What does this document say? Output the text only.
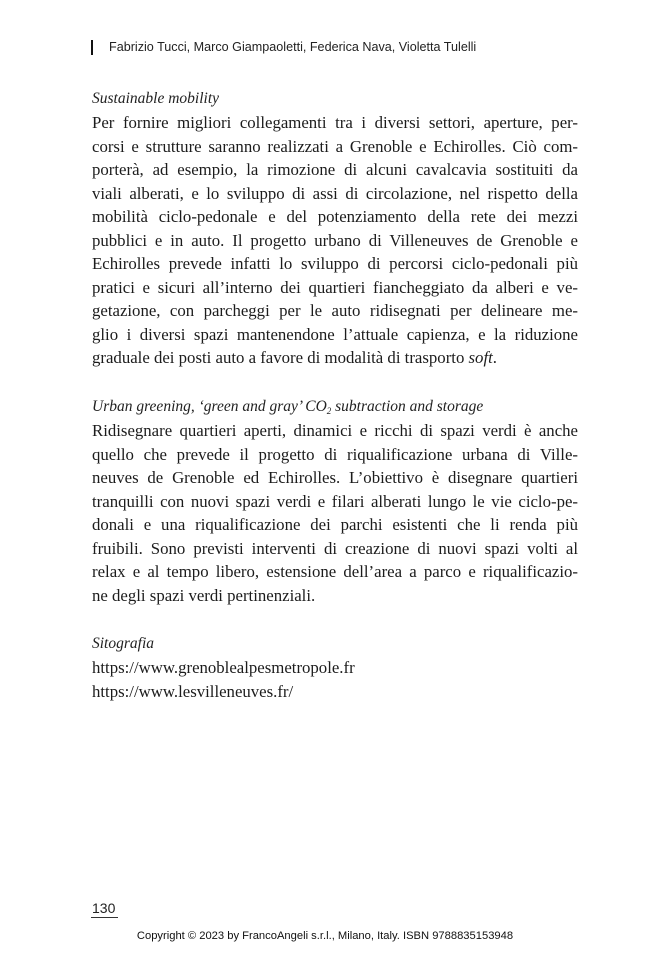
Fabrizio Tucci, Marco Giampaoletti, Federica Nava, Violetta Tulelli
Sustainable mobility
Per fornire migliori collegamenti tra i diversi settori, aperture, per-
corsi e strutture saranno realizzati a Grenoble e Echirolles. Ciò com-
porterà, ad esempio, la rimozione di alcuni cavalcavia sostituiti da
viali alberati, e lo sviluppo di assi di circolazione, nel rispetto della
mobilità ciclo-pedonale e del potenziamento della rete dei mezzi
pubblici e in auto. Il progetto urbano di Villeneuves de Grenoble e
Echirolles prevede infatti lo sviluppo di percorsi ciclo-pedonali più
pratici e sicuri all’interno dei quartieri fiancheggiato da alberi e ve-
getazione, con parcheggi per le auto ridisegnati per delineare me-
glio i diversi spazi mantenendone l’attuale capienza, e la riduzione
graduale dei posti auto a favore di modalità di trasporto soft.
Urban greening, ‘green and gray’ $CO_2$ subtraction and storage
Ridisegnare quartieri aperti, dinamici e ricchi di spazi verdi è anche
quello che prevede il progetto di riqualificazione urbana di Ville-
neuves de Grenoble ed Echirolles. L’obiettivo è disegnare quartieri
tranquilli con nuovi spazi verdi e filari alberati lungo le vie ciclo-pe-
donali e una riqualificazione dei parchi esistenti che li renda più
fruibili. Sono previsti interventi di creazione di nuovi spazi volti al
relax e al tempo libero, estensione dell’area a parco e riqualificazio-
ne degli spazi verdi pertinenziali.
Sitografia
https://www.grenoblealpesmetropole.fr
https://www.lesvilleneuves.fr/
130
Copyright © 2023 by FrancoAngeli s.r.l., Milano, Italy. ISBN 9788835153948
